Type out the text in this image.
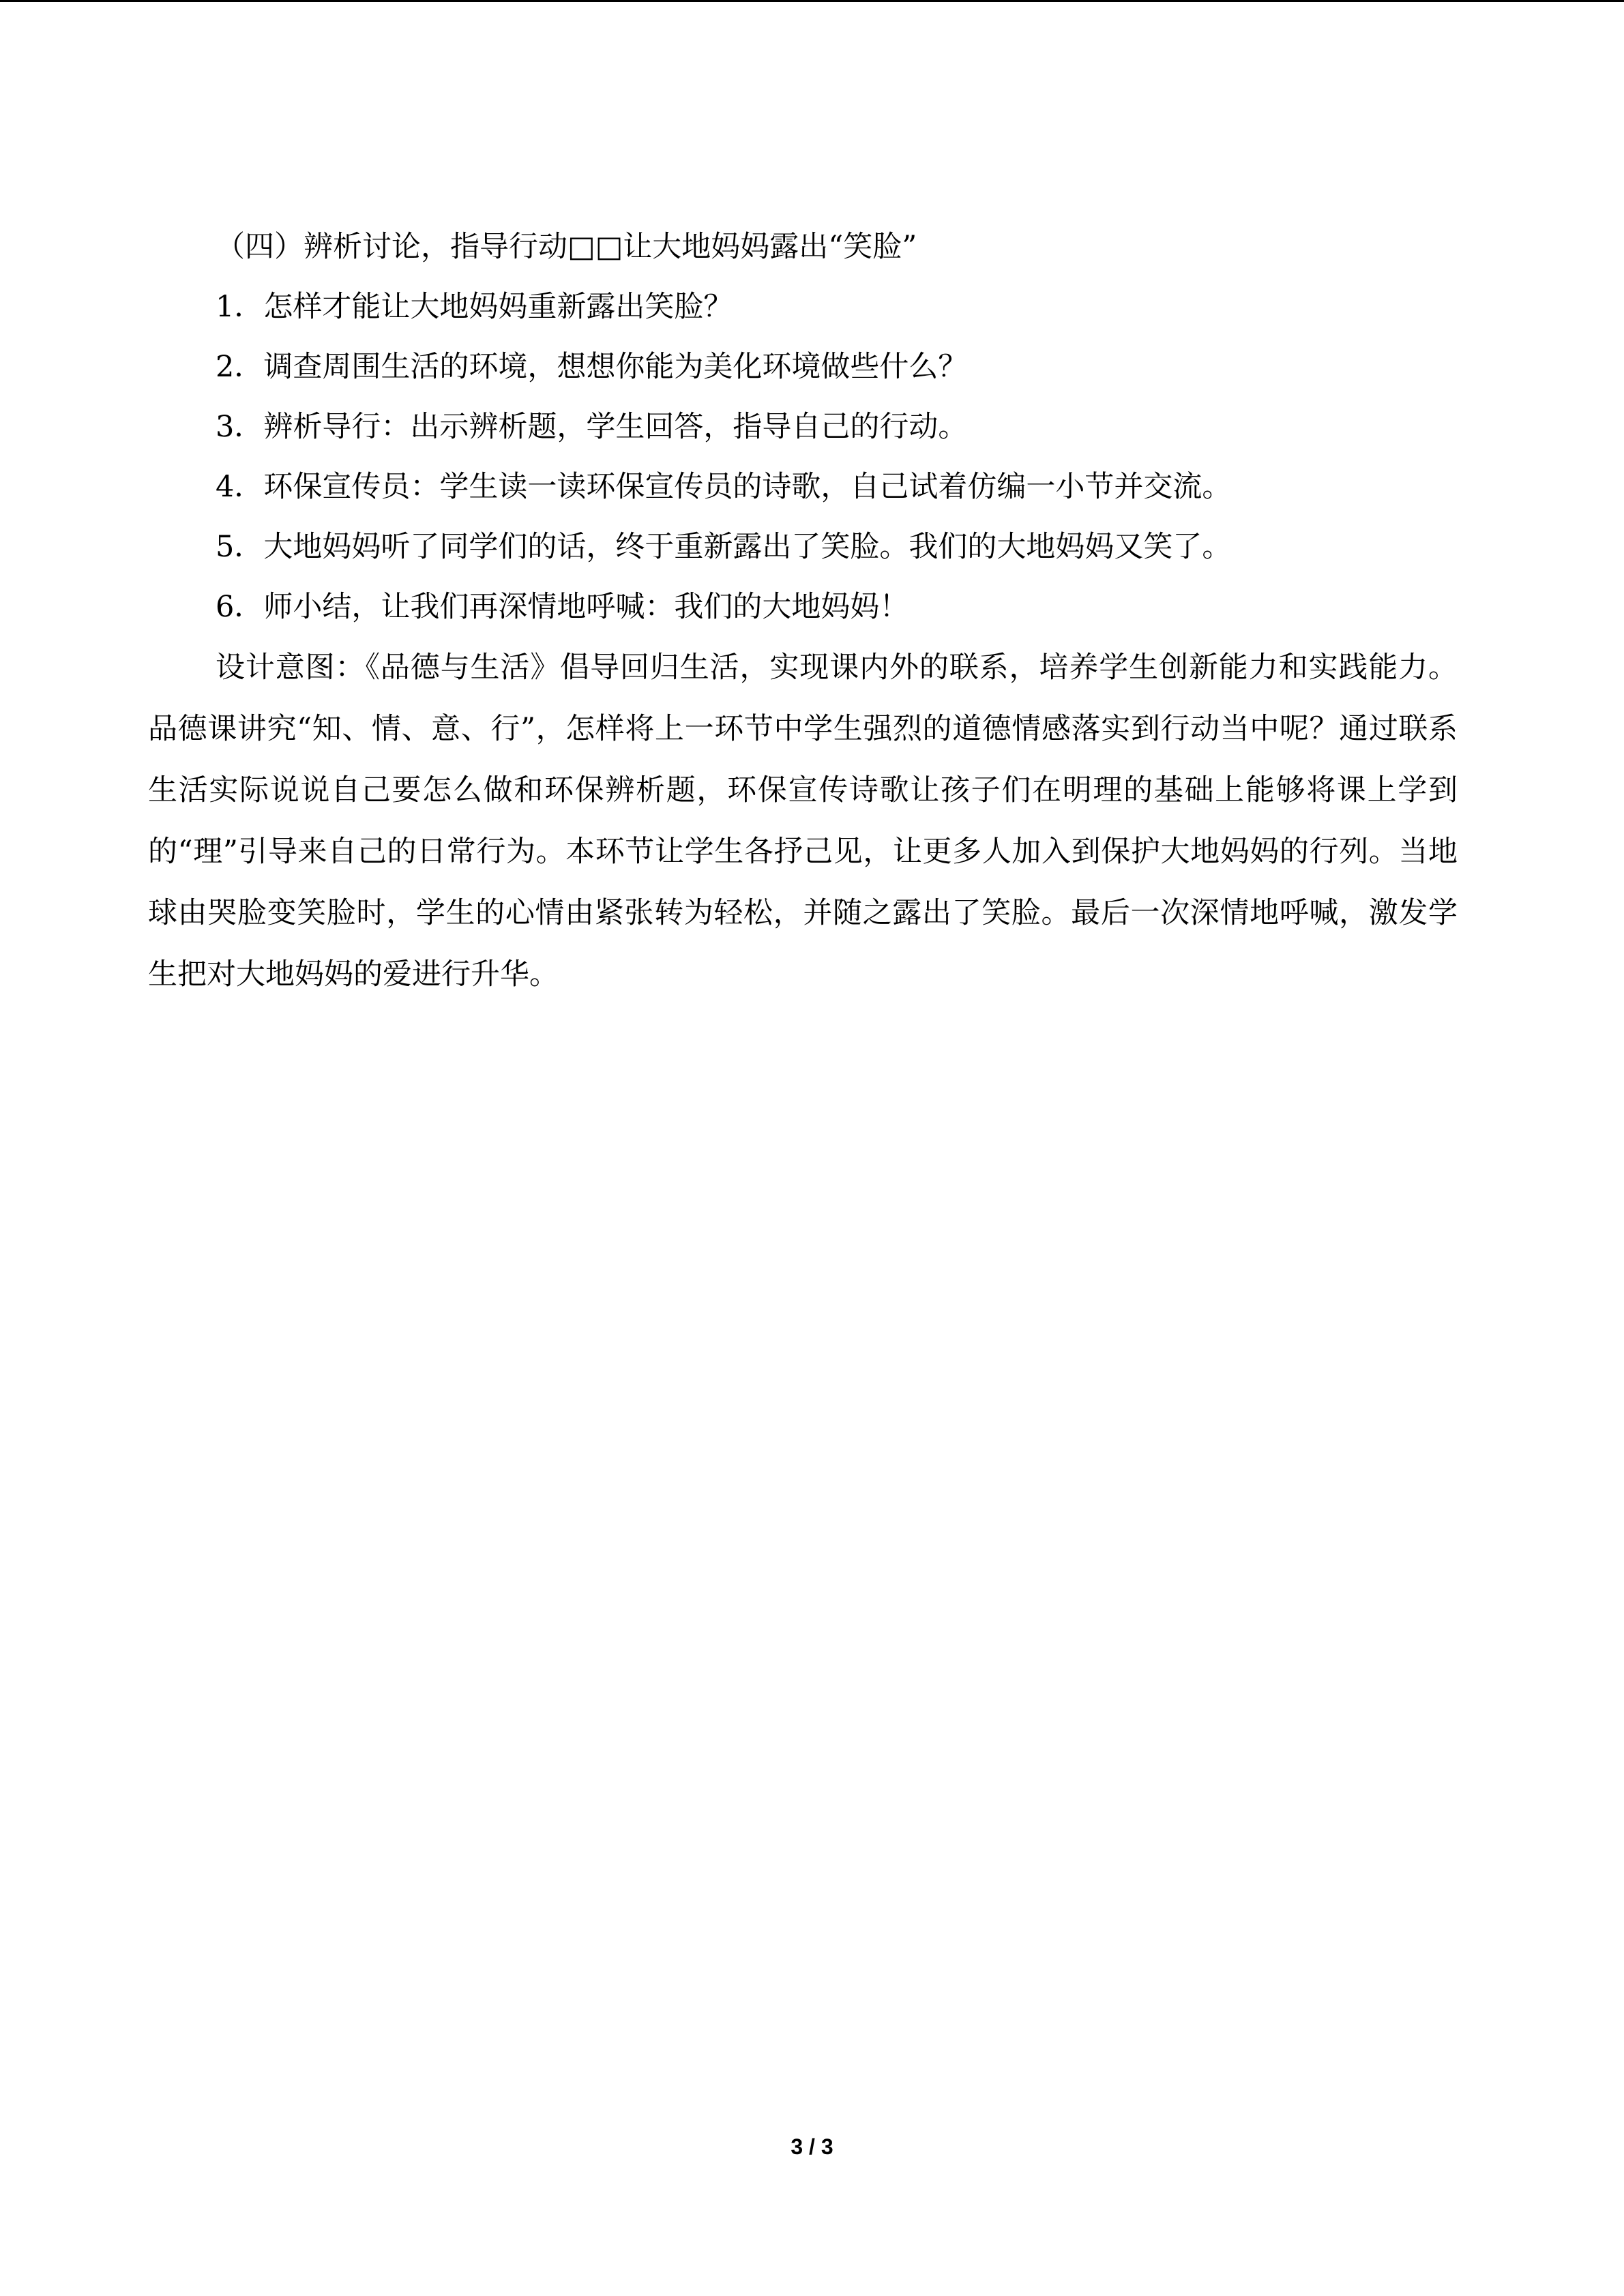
（四）辨析讨论，指导行动□□让大地妈妈露出“笑脸”
1．怎样才能让大地妈妈重新露出笑脸？
2．调查周围生活的环境，想想你能为美化环境做些什么？
3．辨析导行：出示辨析题，学生回答，指导自己的行动。
4．环保宣传员：学生读一读环保宣传员的诗歌，自己试着仿编一小节并交流。
5．大地妈妈听了同学们的话，终于重新露出了笑脸。我们的大地妈妈又笑了。
6．师小结，让我们再深情地呼喊：我们的大地妈妈！

设计意图：《品德与生活》倡导回归生活，实现课内外的联系，培养学生创新能力和实践能力。品德课讲究“知、情、意、行”，怎样将上一环节中学生强烈的道德情感落实到行动当中呢？通过联系生活实际说说自己要怎么做和环保辨析题，环保宣传诗歌让孩子们在明理的基础上能够将课上学到的“理”引导来自己的日常行为。本环节让学生各抒己见，让更多人加入到保护大地妈妈的行列。当地球由哭脸变笑脸时，学生的心情由紧张转为轻松，并随之露出了笑脸。最后一次深情地呼喊，激发学生把对大地妈妈的爱进行升华。

3 / 3
